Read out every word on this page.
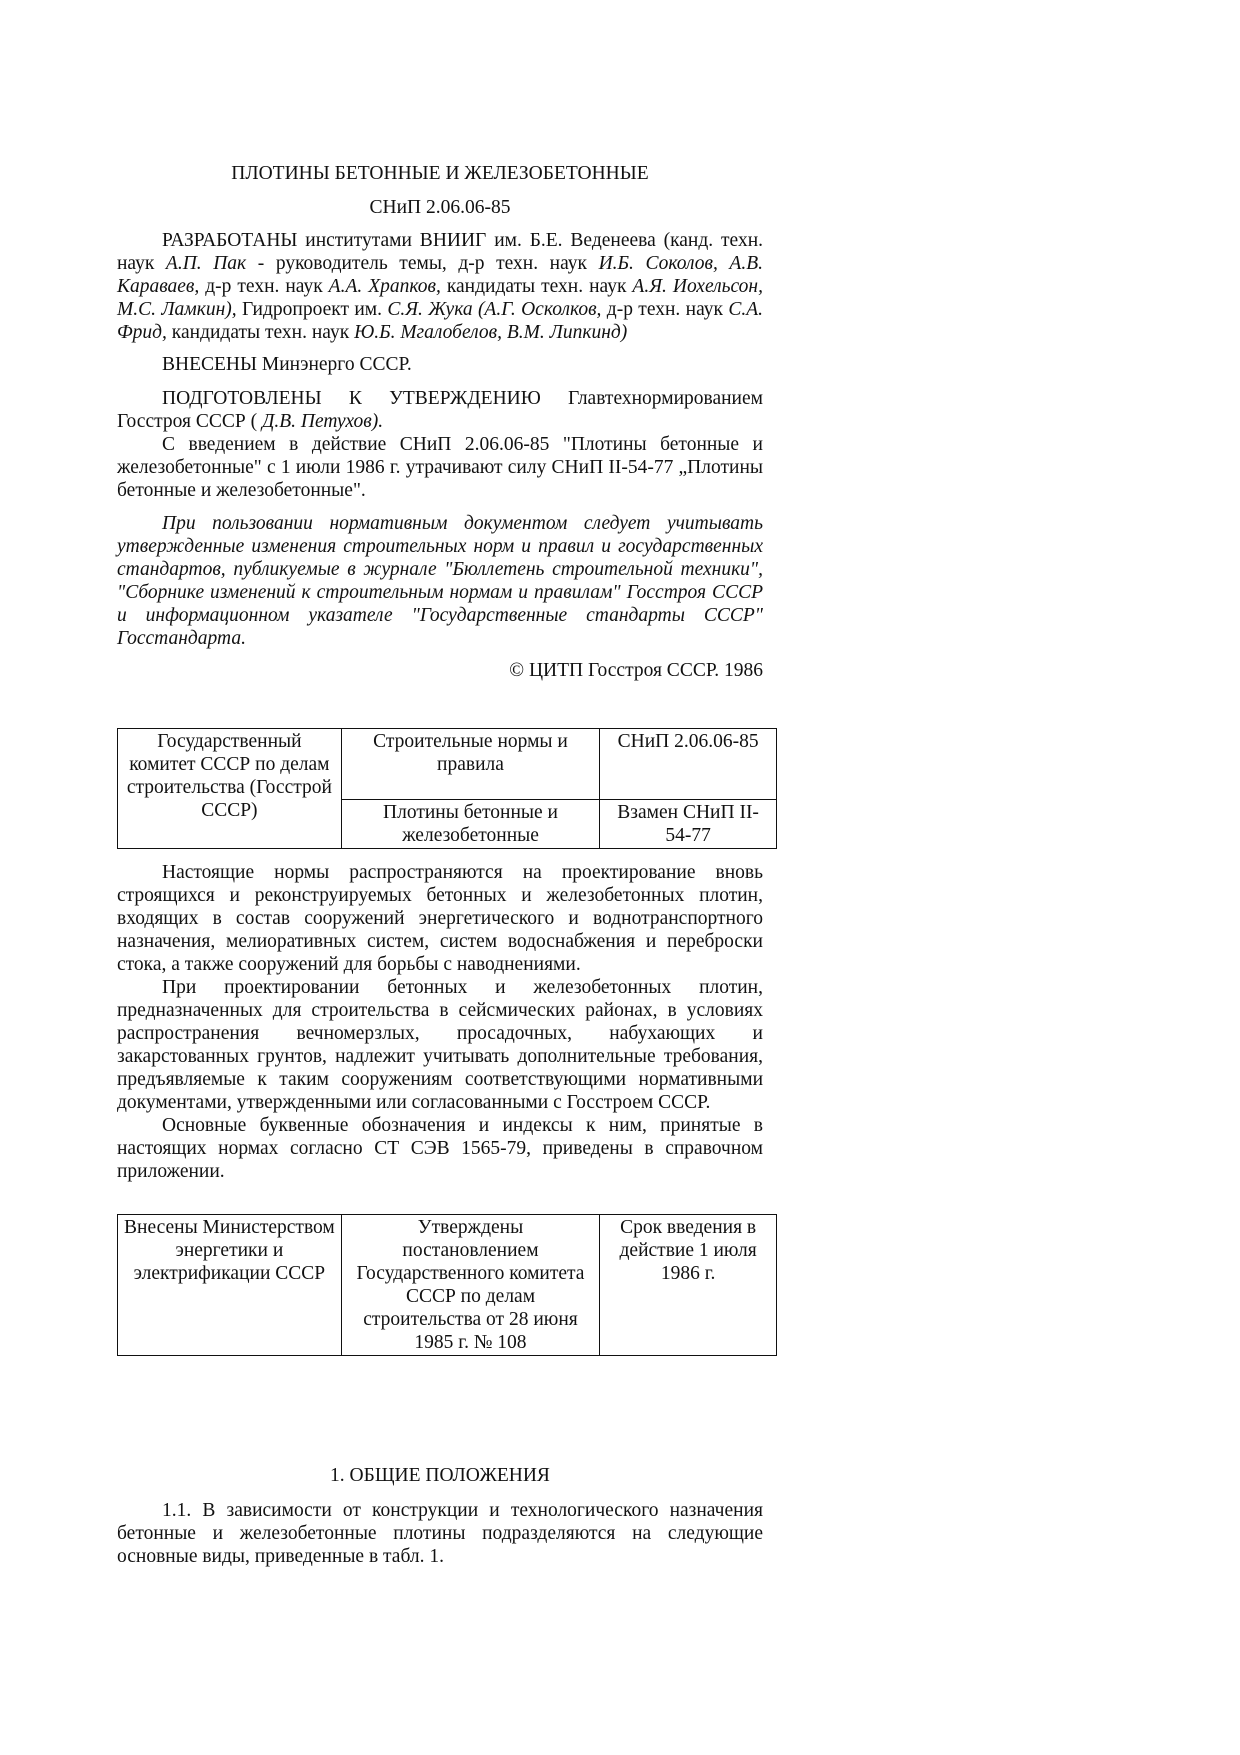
ПЛОТИНЫ БЕТОННЫЕ И ЖЕЛЕЗОБЕТОННЫЕ

СНиП 2.06.06-85

РАЗРАБОТАНЫ институтами ВНИИГ им. Б.Е. Веденеева (канд. техн. наук А.П. Пак - руководитель темы, д-р техн. наук И.Б. Соколов, А.В. Караваев, д-р техн. наук А.А. Храпков, кандидаты техн. наук А.Я. Иохельсон, М.С. Ламкин), Гидропроект им. С.Я. Жука (А.Г. Осколков, д-р техн. наук С.А. Фрид, кандидаты техн. наук Ю.Б. Мгалобелов, В.М. Липкинд)

ВНЕСЕНЫ Минэнерго СССР.

ПОДГОТОВЛЕНЫ К УТВЕРЖДЕНИЮ Главтехнормированием Госстроя СССР ( Д.В. Петухов).

С введением в действие СНиП 2.06.06-85 "Плотины бетонные и железобетонные" с 1 июли 1986 г. утрачивают силу СНиП II-54-77 „Плотины бетонные и железобетонные".

При пользовании нормативным документом следует учитывать утвержденные изменения строительных норм и правил и государственных стандартов, публикуемые в журнале "Бюллетень строительной техники", "Сборнике изменений к строительным нормам и правилам" Госстроя СССР и информационном указателе "Государственные стандарты СССР" Госстандарта.

© ЦИТП Госстроя СССР. 1986

Государственный комитет СССР по делам строительства (Госстрой СССР)	Строительные нормы и правила	СНиП 2.06.06-85
	Плотины бетонные и железобетонные	Взамен СНиП II-54-77

Настоящие нормы распространяются на проектирование вновь строящихся и реконструируемых бетонных и железобетонных плотин, входящих в состав сооружений энергетического и воднотранспортного назначения, мелиоративных систем, систем водоснабжения и переброски стока, а также сооружений для борьбы с наводнениями.

При проектировании бетонных и железобетонных плотин, предназначенных для строительства в сейсмических районах, в условиях распространения вечномерзлых, просадочных, набухающих и закарстованных грунтов, надлежит учитывать дополнительные требования, предъявляемые к таким сооружениям соответствующими нормативными документами, утвержденными или согласованными с Госстроем СССР.

Основные буквенные обозначения и индексы к ним, принятые в настоящих нормах согласно СТ СЭВ 1565-79, приведены в справочном приложении.

Внесены Министерством энергетики и электрификации СССР	Утверждены постановлением Государственного комитета СССР по делам строительства от 28 июня 1985 г. № 108	Срок введения в действие 1 июля 1986 г.

1. ОБЩИЕ ПОЛОЖЕНИЯ

1.1. В зависимости от конструкции и технологического назначения бетонные и железобетонные плотины подразделяются на следующие основные виды, приведенные в табл. 1.
